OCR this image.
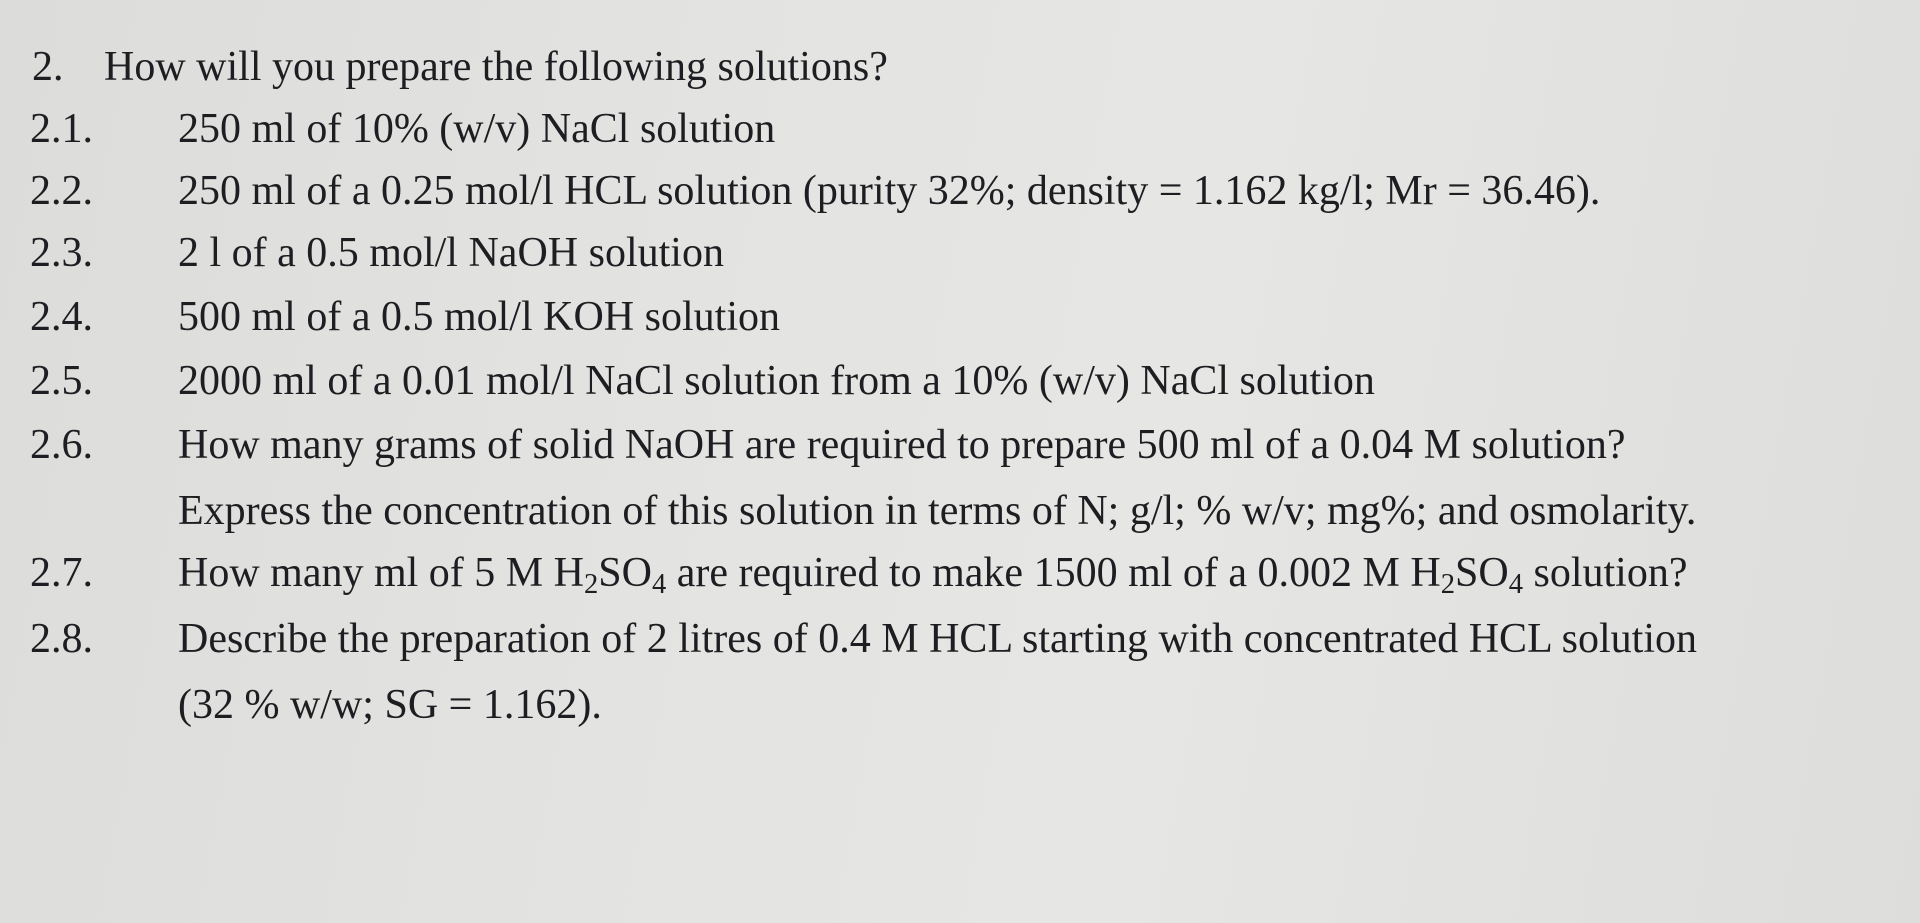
2. How will you prepare the following solutions?
2.1. 250 ml of 10% (w/v) NaCl solution
2.2. 250 ml of a 0.25 mol/l HCL solution (purity 32%; density = 1.162 kg/l; Mr = 36.46).
2.3. 2 l of a 0.5 mol/l NaOH solution
2.4. 500 ml of a 0.5 mol/l KOH solution
2.5. 2000 ml of a 0.01 mol/l NaCl solution from a 10% (w/v) NaCl solution
2.6. How many grams of solid NaOH are required to prepare 500 ml of a 0.04 M solution?
Express the concentration of this solution in terms of N; g/l; % w/v; mg%; and osmolarity.
2.7. How many ml of 5 M $H_2SO_4$ are required to make 1500 ml of a 0.002 M $H_2SO_4$ solution?
2.8. Describe the preparation of 2 litres of 0.4 M HCL starting with concentrated HCL solution
(32 % w/w; SG = 1.162).
